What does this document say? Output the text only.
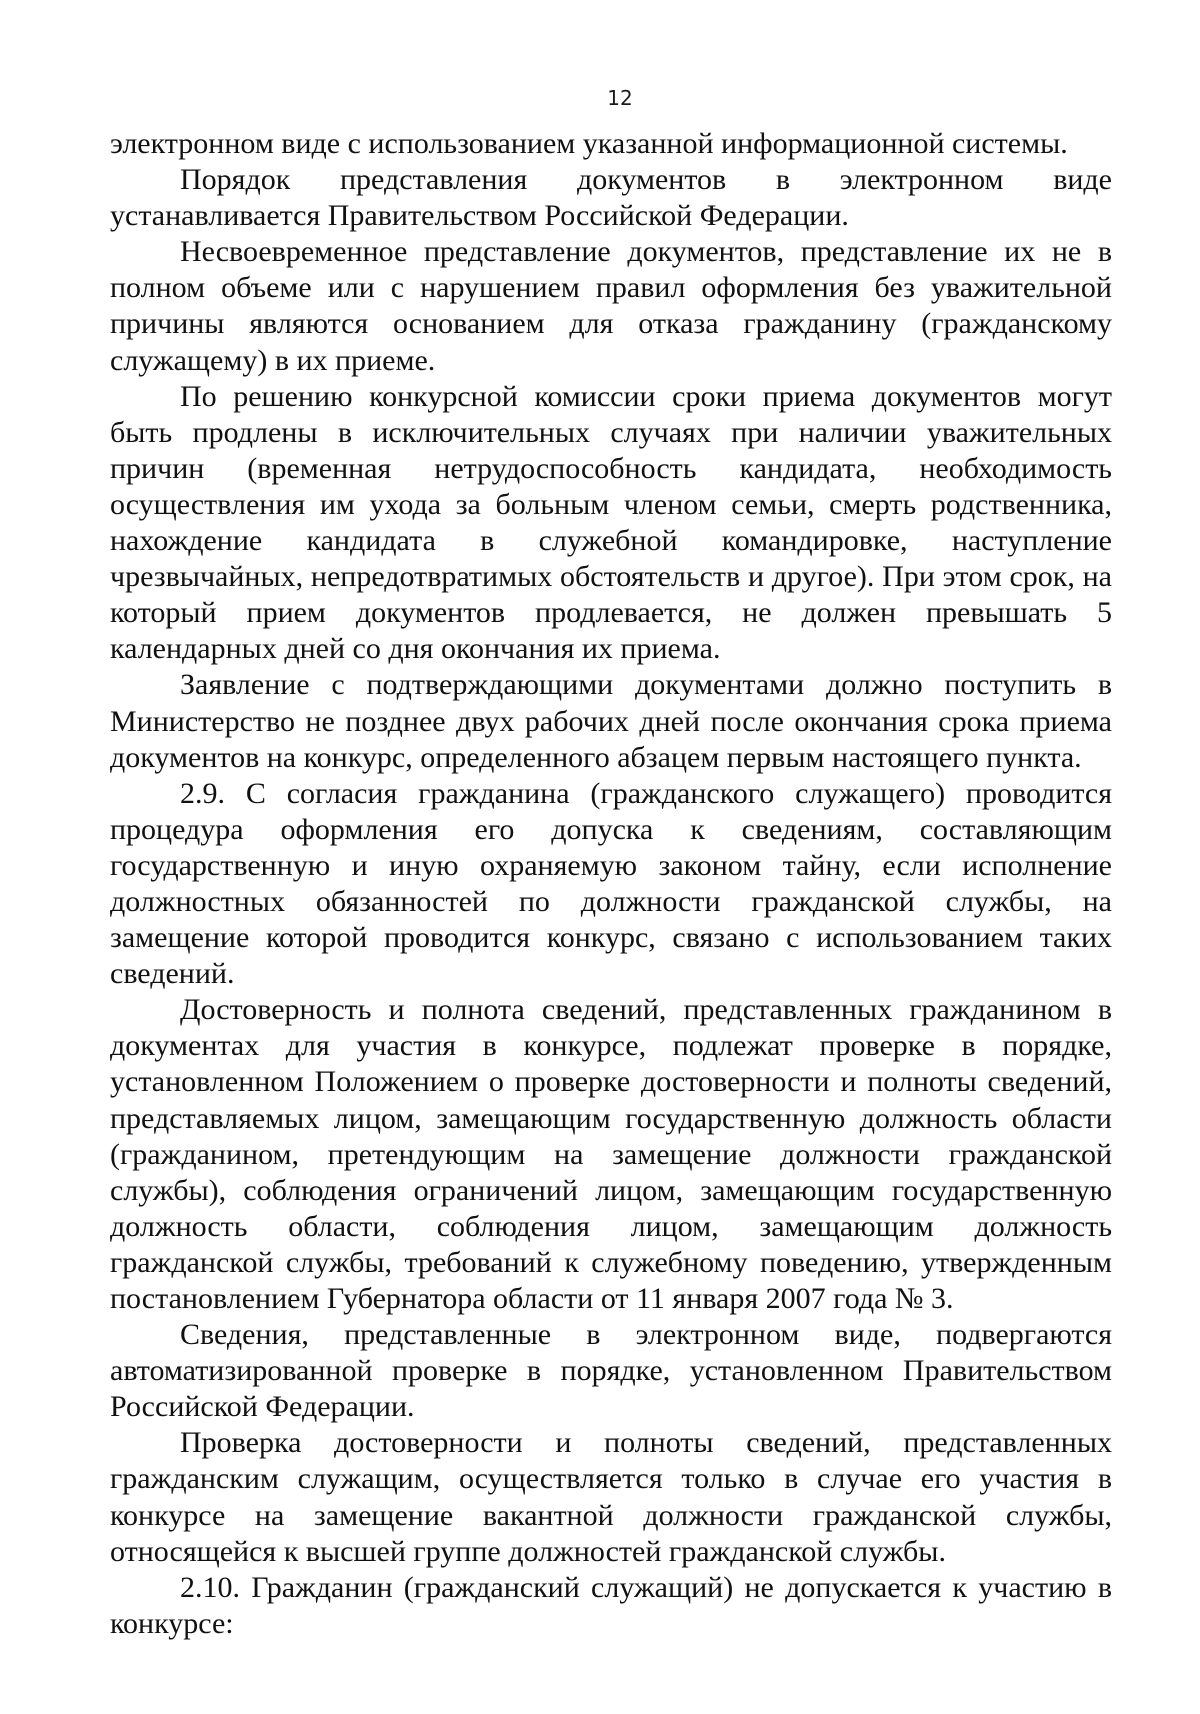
12

электронном виде с использованием указанной информационной системы.

Порядок представления документов в электронном виде устанавливается Правительством Российской Федерации.

Несвоевременное представление документов, представление их не в полном объеме или с нарушением правил оформления без уважительной причины являются основанием для отказа гражданину (гражданскому служащему) в их приеме.

По решению конкурсной комиссии сроки приема документов могут быть продлены в исключительных случаях при наличии уважительных причин (временная нетрудоспособность кандидата, необходимость осуществления им ухода за больным членом семьи, смерть родственника, нахождение кандидата в служебной командировке, наступление чрезвычайных, непредотвратимых обстоятельств и другое). При этом срок, на который прием документов продлевается, не должен превышать 5 календарных дней со дня окончания их приема.

Заявление с подтверждающими документами должно поступить в Министерство не позднее двух рабочих дней после окончания срока приема документов на конкурс, определенного абзацем первым настоящего пункта.

2.9. С согласия гражданина (гражданского служащего) проводится процедура оформления его допуска к сведениям, составляющим государственную и иную охраняемую законом тайну, если исполнение должностных обязанностей по должности гражданской службы, на замещение которой проводится конкурс, связано с использованием таких сведений.

Достоверность и полнота сведений, представленных гражданином в документах для участия в конкурсе, подлежат проверке в порядке, установленном Положением о проверке достоверности и полноты сведений, представляемых лицом, замещающим государственную должность области (гражданином, претендующим на замещение должности гражданской службы), соблюдения ограничений лицом, замещающим государственную должность области, соблюдения лицом, замещающим должность гражданской службы, требований к служебному поведению, утвержденным постановлением Губернатора области от 11 января 2007 года № 3.

Сведения, представленные в электронном виде, подвергаются автоматизированной проверке в порядке, установленном Правительством Российской Федерации.

Проверка достоверности и полноты сведений, представленных гражданским служащим, осуществляется только в случае его участия в конкурсе на замещение вакантной должности гражданской службы, относящейся к высшей группе должностей гражданской службы.

2.10. Гражданин (гражданский служащий) не допускается к участию в конкурсе:
